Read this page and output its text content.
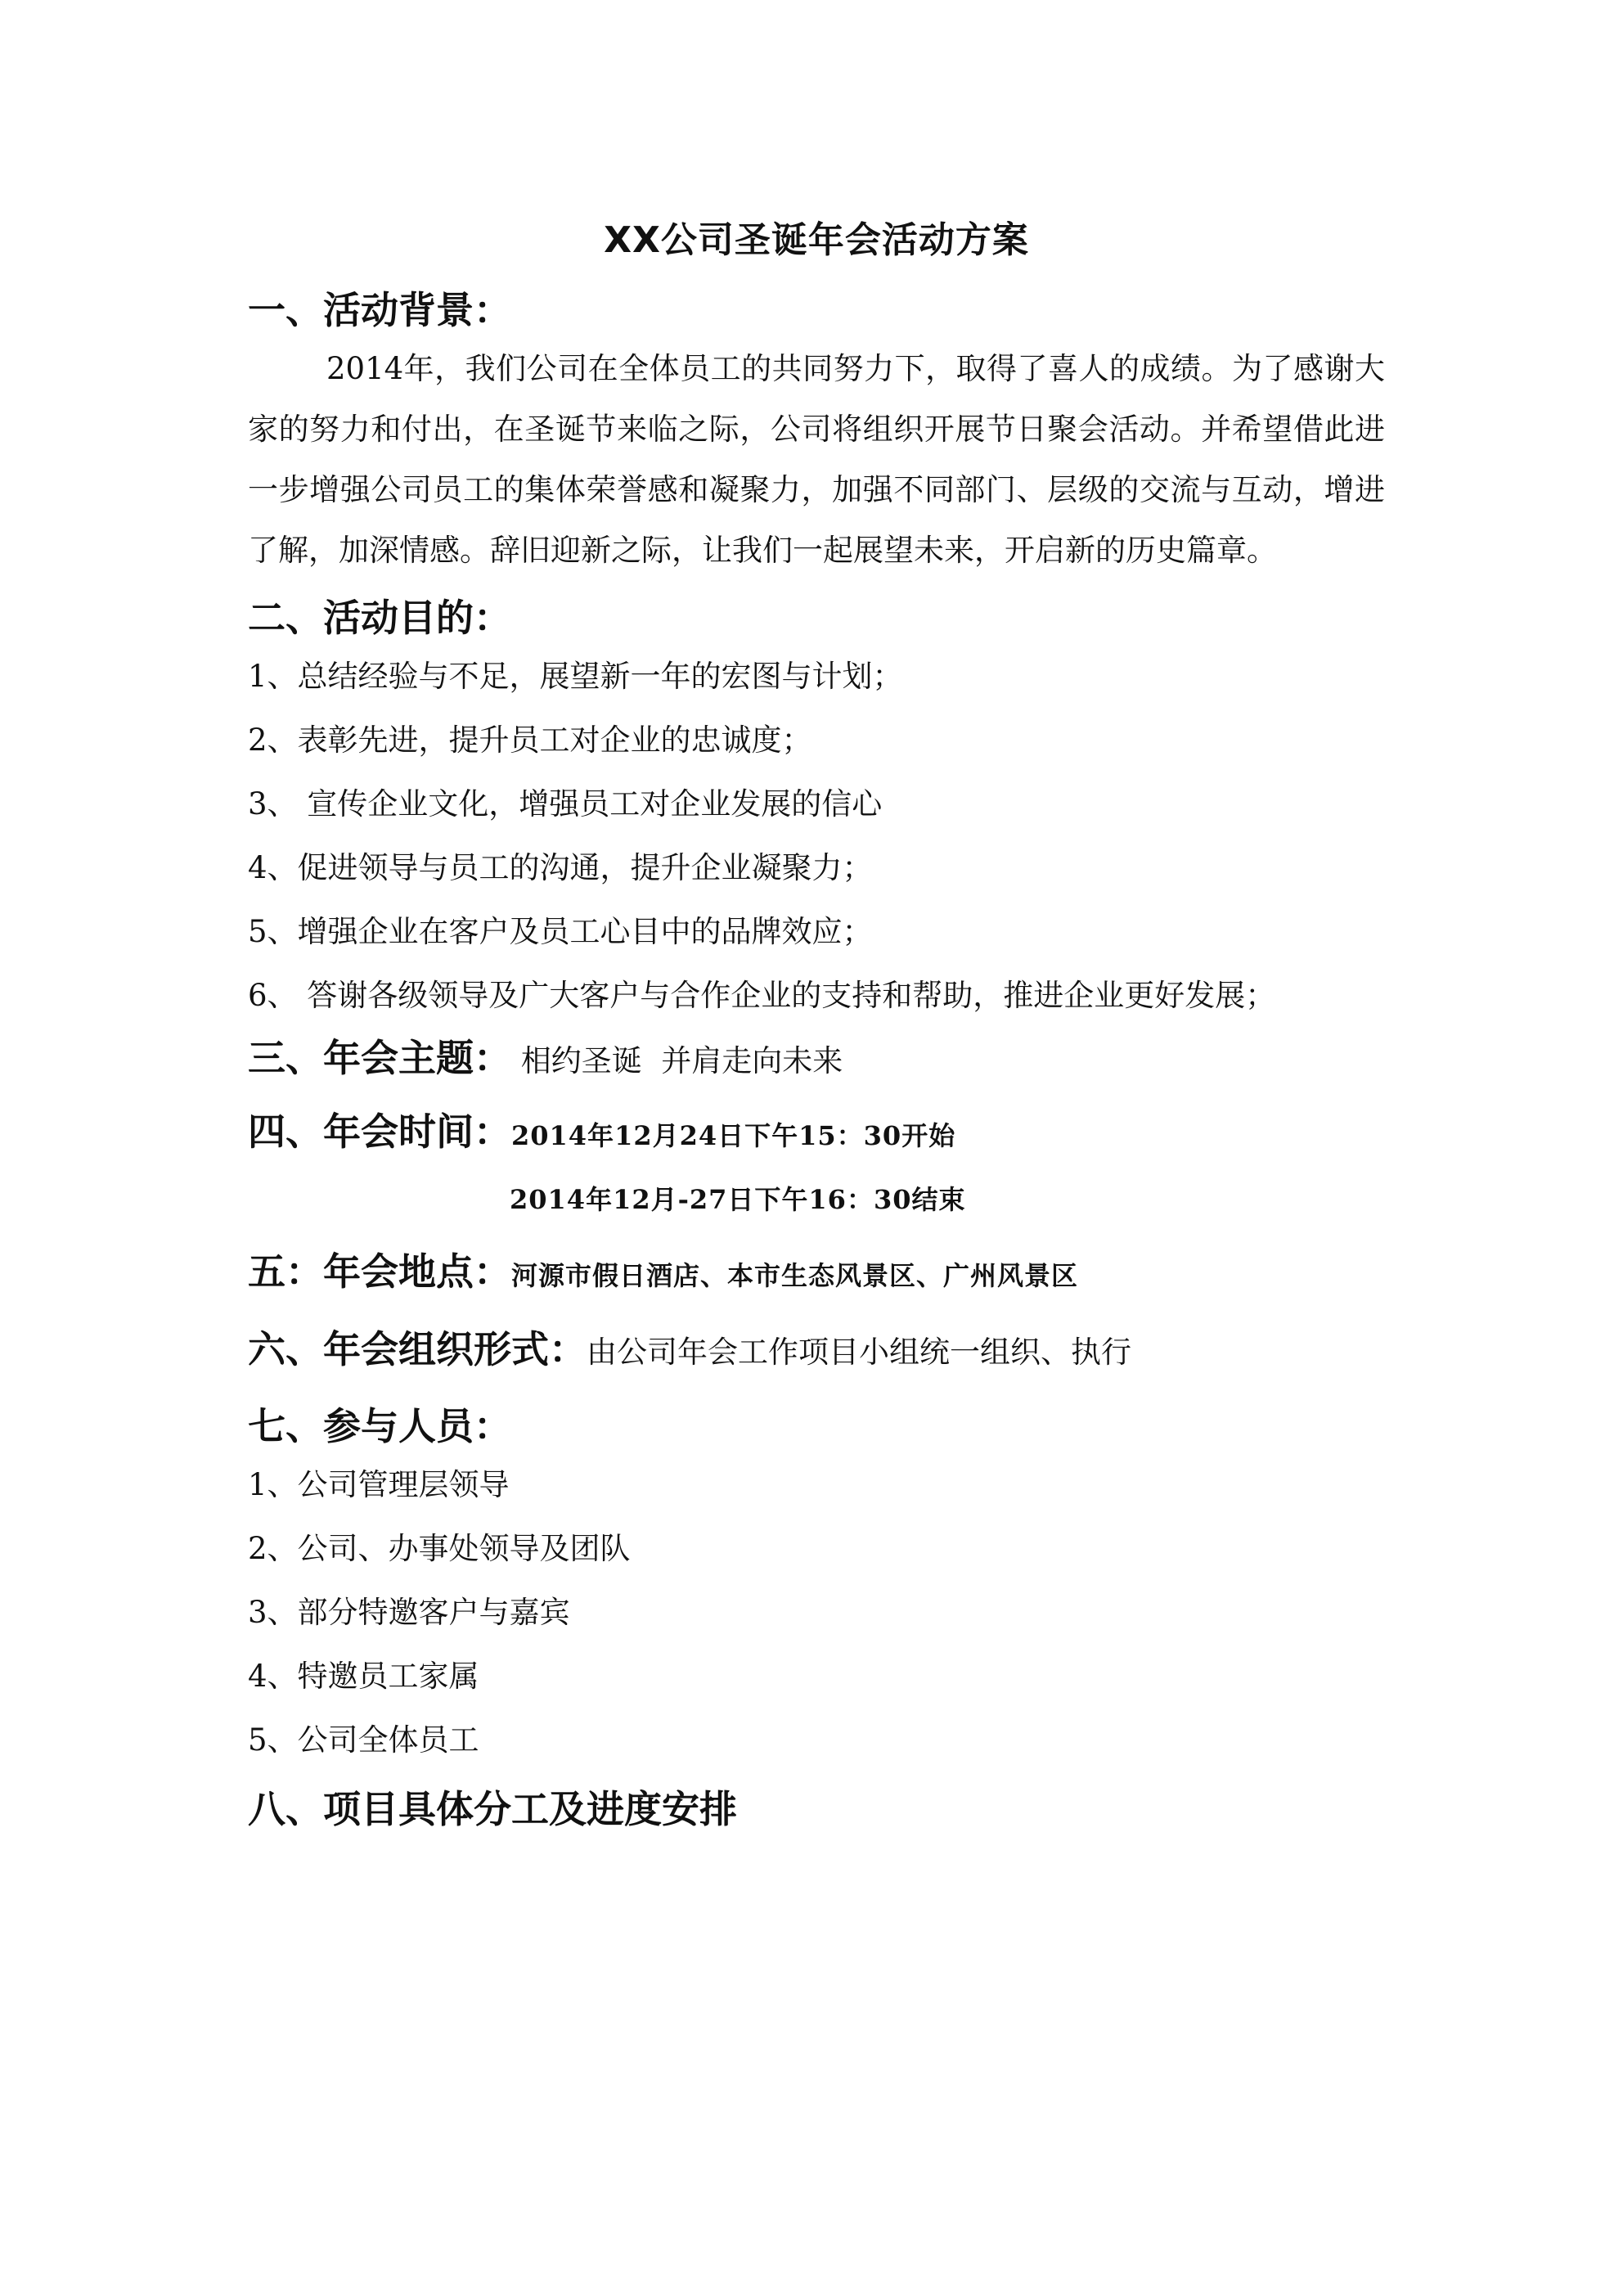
XX公司圣诞年会活动方案
一、活动背景：

2014年，我们公司在全体员工的共同努力下，取得了喜人的成绩。为了感谢大家的努力和付出，在圣诞节来临之际，公司将组织开展节日聚会活动。并希望借此进一步增强公司员工的集体荣誉感和凝聚力，加强不同部门、层级的交流与互动，增进了解，加深情感。辞旧迎新之际，让我们一起展望未来，开启新的历史篇章。

二、活动目的：

1、总结经验与不足，展望新一年的宏图与计划；

2、表彰先进，提升员工对企业的忠诚度；

3、 宣传企业文化，增强员工对企业发展的信心

4、促进领导与员工的沟通，提升企业凝聚力；

5、增强企业在客户及员工心目中的品牌效应；

6、 答谢各级领导及广大客户与合作企业的支持和帮助，推进企业更好发展；

三、年会主题： 相约圣诞  并肩走向未来

四、年会时间：2014年12月24日下午15：30开始

2014年12月-27日下午16：30结束

五：年会地点：河源市假日酒店、本市生态风景区、广州风景区

六、年会组织形式：由公司年会工作项目小组统一组织、执行

七、参与人员：

1、公司管理层领导

2、公司、办事处领导及团队

3、部分特邀客户与嘉宾

4、特邀员工家属

5、公司全体员工

八、项目具体分工及进度安排
